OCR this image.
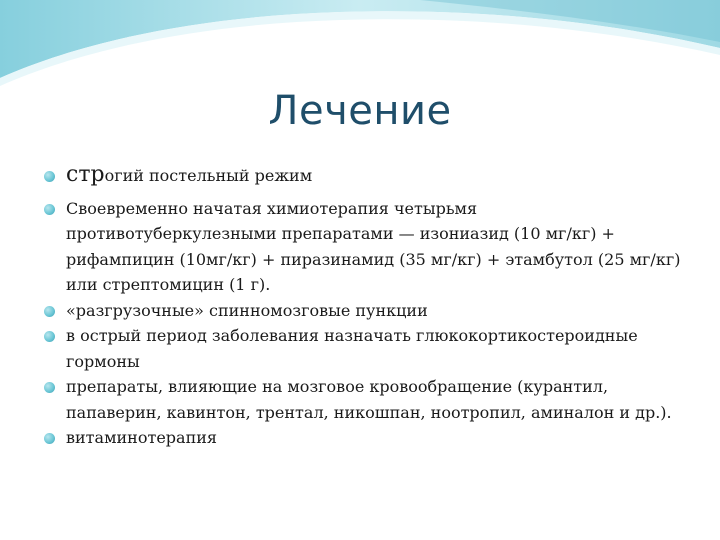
Лечение
строгий постельный режим
Своевременно начатая химиотерапия четырьмя противотуберкулезными препаратами — изониазид (10 мг/кг) + рифампицин (10мг/кг) + пиразинамид (35 мг/кг) + этамбутол (25 мг/кг) или стрептомицин (1 г).
«разгрузочные» спинномозговые пункции
в острый период заболевания назначать глюкокортикостероидные гормоны
препараты, влияющие на мозговое кровообращение (курантил, папаверин, кавинтон, трентал, никошпан, ноотропил, аминалон и др.).
витаминотерапия
